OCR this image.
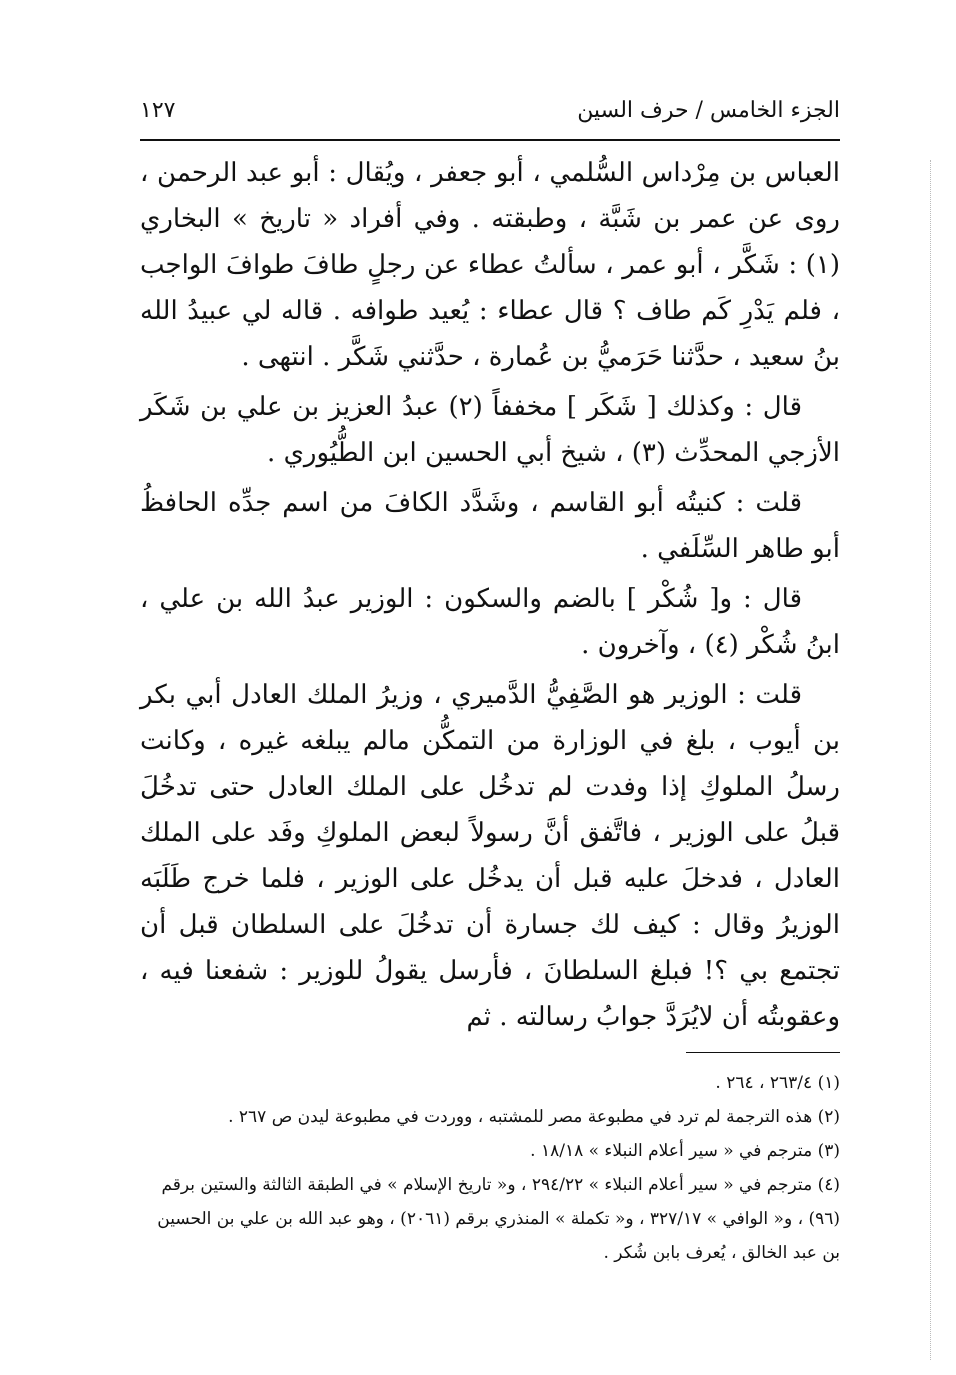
الجزء الخامس / حرف السين
١٢٧

العباس بن مِرْداس السُّلمي ، أبو جعفر ، ويُقال : أبو عبد الرحمن ، روى عن عمر بن شَبَّة ، وطبقته . وفي أفراد « تاريخ » البخاري (١) : شَكَّر ، أبو عمر ، سألتُ عطاء عن رجلٍ طافَ طوافَ الواجب ، فلم يَدْرِ كَم طاف ؟ قال عطاء : يُعيد طوافه . قاله لي عبيدُ الله بنُ سعيد ، حدَّثنا حَرَميُّ بن عُمارة ، حدَّثني شَكَّر . انتهى .

قال : وكذلك [ شَكَر ] مخففاً (٢) عبدُ العزيز بن علي بن شَكَر الأزجي المحدِّث (٣) ، شيخ أبي الحسين ابن الطُّيُوري .

قلت : كنيتُه أبو القاسم ، وشَدَّد الكافَ من اسم جدِّه الحافظُ أبو طاهر السِّلَفي .

قال : و[ شُكْر ] بالضم والسكون : الوزير عبدُ الله بن علي ، ابنُ شُكْر (٤) ، وآخرون .

قلت : الوزير هو الصَّفِيُّ الدَّميري ، وزيرُ الملك العادل أبي بكر بن أيوب ، بلغ في الوزارة من التمكُّن مالم يبلغه غيره ، وكانت رسلُ الملوكِ إذا وفدت لم تدخُل على الملك العادل حتى تدخُلَ قبلُ على الوزير ، فاتَّفق أنَّ رسولاً لبعض الملوكِ وفَد على الملك العادل ، فدخلَ عليه قبل أن يدخُل على الوزير ، فلما خرج طَلَبَه الوزيرُ وقال : كيف لك جسارة أن تدخُلَ على السلطان قبل أن تجتمع بي ؟! فبلغ السلطانَ ، فأرسل يقولُ للوزير : شفعنا فيه ، وعقوبتُه أن لايُرَدَّ جوابُ رسالته . ثم

(١) ٢٦٣/٤ ، ٢٦٤ .

(٢) هذه الترجمة لم ترد في مطبوعة مصر للمشتبه ، ووردت في مطبوعة ليدن ص ٢٦٧ .

(٣) مترجم في « سير أعلام النبلاء » ١٨/١٨ .

(٤) مترجم في « سير أعلام النبلاء » ٢٩٤/٢٢ ، و« تاريخ الإسلام » في الطبقة الثالثة والستين برقم (٩٦) ، و« الوافي » ٣٢٧/١٧ ، و« تكملة » المنذري برقم (٢٠٦١) ، وهو عبد الله بن علي بن الحسين بن عبد الخالق ، يُعرف بابن شُكر .
